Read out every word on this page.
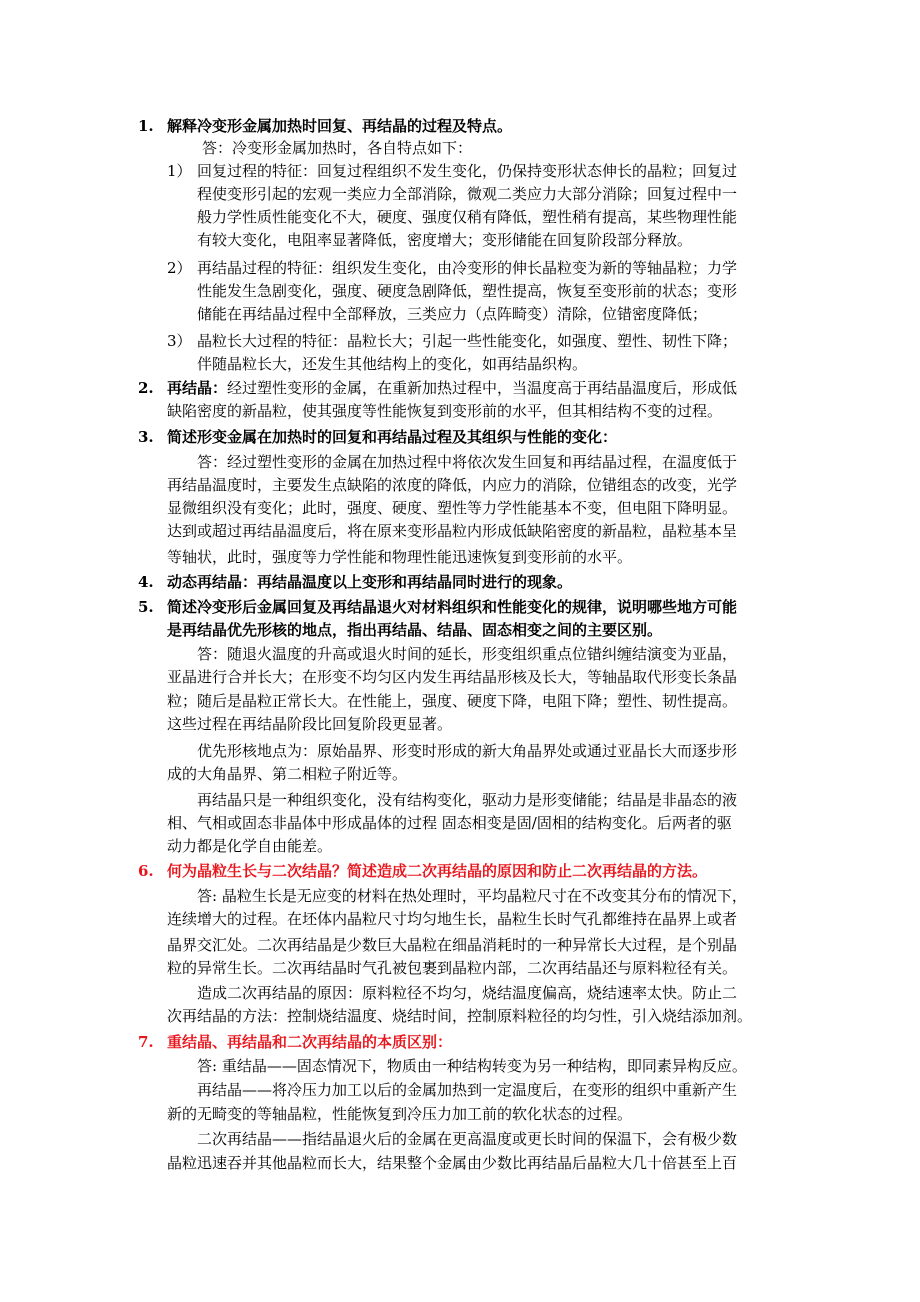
1. 解释冷变形金属加热时回复、再结晶的过程及特点。
答：冷变形金属加热时，各自特点如下：
1） 回复过程的特征：回复过程组织不发生变化，仍保持变形状态伸长的晶粒；回复过
程使变形引起的宏观一类应力全部消除，微观二类应力大部分消除；回复过程中一
般力学性质性能变化不大，硬度、强度仅稍有降低，塑性稍有提高，某些物理性能
有较大变化，电阻率显著降低，密度增大；变形储能在回复阶段部分释放。
2） 再结晶过程的特征：组织发生变化，由冷变形的伸长晶粒变为新的等轴晶粒；力学
性能发生急剧变化，强度、硬度急剧降低，塑性提高，恢复至变形前的状态；变形
储能在再结晶过程中全部释放，三类应力（点阵畸变）清除，位错密度降低；
3） 晶粒长大过程的特征：晶粒长大；引起一些性能变化，如强度、塑性、韧性下降；
伴随晶粒长大，还发生其他结构上的变化，如再结晶织构。
2. 再结晶：经过塑性变形的金属，在重新加热过程中，当温度高于再结晶温度后，形成低
缺陷密度的新晶粒，使其强度等性能恢复到变形前的水平，但其相结构不变的过程。
3. 简述形变金属在加热时的回复和再结晶过程及其组织与性能的变化：
答：经过塑性变形的金属在加热过程中将依次发生回复和再结晶过程，在温度低于
再结晶温度时，主要发生点缺陷的浓度的降低，内应力的消除，位错组态的改变，光学
显微组织没有变化；此时，强度、硬度、塑性等力学性能基本不变，但电阻下降明显。
达到或超过再结晶温度后，将在原来变形晶粒内形成低缺陷密度的新晶粒，晶粒基本呈
等轴状，此时，强度等力学性能和物理性能迅速恢复到变形前的水平。
4. 动态再结晶：再结晶温度以上变形和再结晶同时进行的现象。
5. 简述冷变形后金属回复及再结晶退火对材料组织和性能变化的规律，说明哪些地方可能
是再结晶优先形核的地点，指出再结晶、结晶、固态相变之间的主要区别。
答：随退火温度的升高或退火时间的延长，形变组织重点位错纠缠结演变为亚晶，
亚晶进行合并长大；在形变不均匀区内发生再结晶形核及长大，等轴晶取代形变长条晶
粒；随后是晶粒正常长大。在性能上，强度、硬度下降，电阻下降；塑性、韧性提高。
这些过程在再结晶阶段比回复阶段更显著。
优先形核地点为：原始晶界、形变时形成的新大角晶界处或通过亚晶长大而逐步形
成的大角晶界、第二相粒子附近等。
再结晶只是一种组织变化，没有结构变化，驱动力是形变储能；结晶是非晶态的液
相、气相或固态非晶体中形成晶体的过程 固态相变是固/固相的结构变化。后两者的驱
动力都是化学自由能差。
6. 何为晶粒生长与二次结晶？简述造成二次再结晶的原因和防止二次再结晶的方法。
答: 晶粒生长是无应变的材料在热处理时，平均晶粒尺寸在不改变其分布的情况下，
连续增大的过程。在坯体内晶粒尺寸均匀地生长，晶粒生长时气孔都维持在晶界上或者
晶界交汇处。二次再结晶是少数巨大晶粒在细晶消耗时的一种异常长大过程，是个别晶
粒的异常生长。二次再结晶时气孔被包裹到晶粒内部，二次再结晶还与原料粒径有关。
造成二次再结晶的原因：原料粒径不均匀，烧结温度偏高，烧结速率太快。防止二
次再结晶的方法：控制烧结温度、烧结时间，控制原料粒径的均匀性，引入烧结添加剂。
7. 重结晶、再结晶和二次再结晶的本质区别：
答: 重结晶——固态情况下，物质由一种结构转变为另一种结构，即同素异构反应。
再结晶——将冷压力加工以后的金属加热到一定温度后，在变形的组织中重新产生
新的无畸变的等轴晶粒，性能恢复到冷压力加工前的软化状态的过程。
二次再结晶——指结晶退火后的金属在更高温度或更长时间的保温下，会有极少数
晶粒迅速吞并其他晶粒而长大，结果整个金属由少数比再结晶后晶粒大几十倍甚至上百
